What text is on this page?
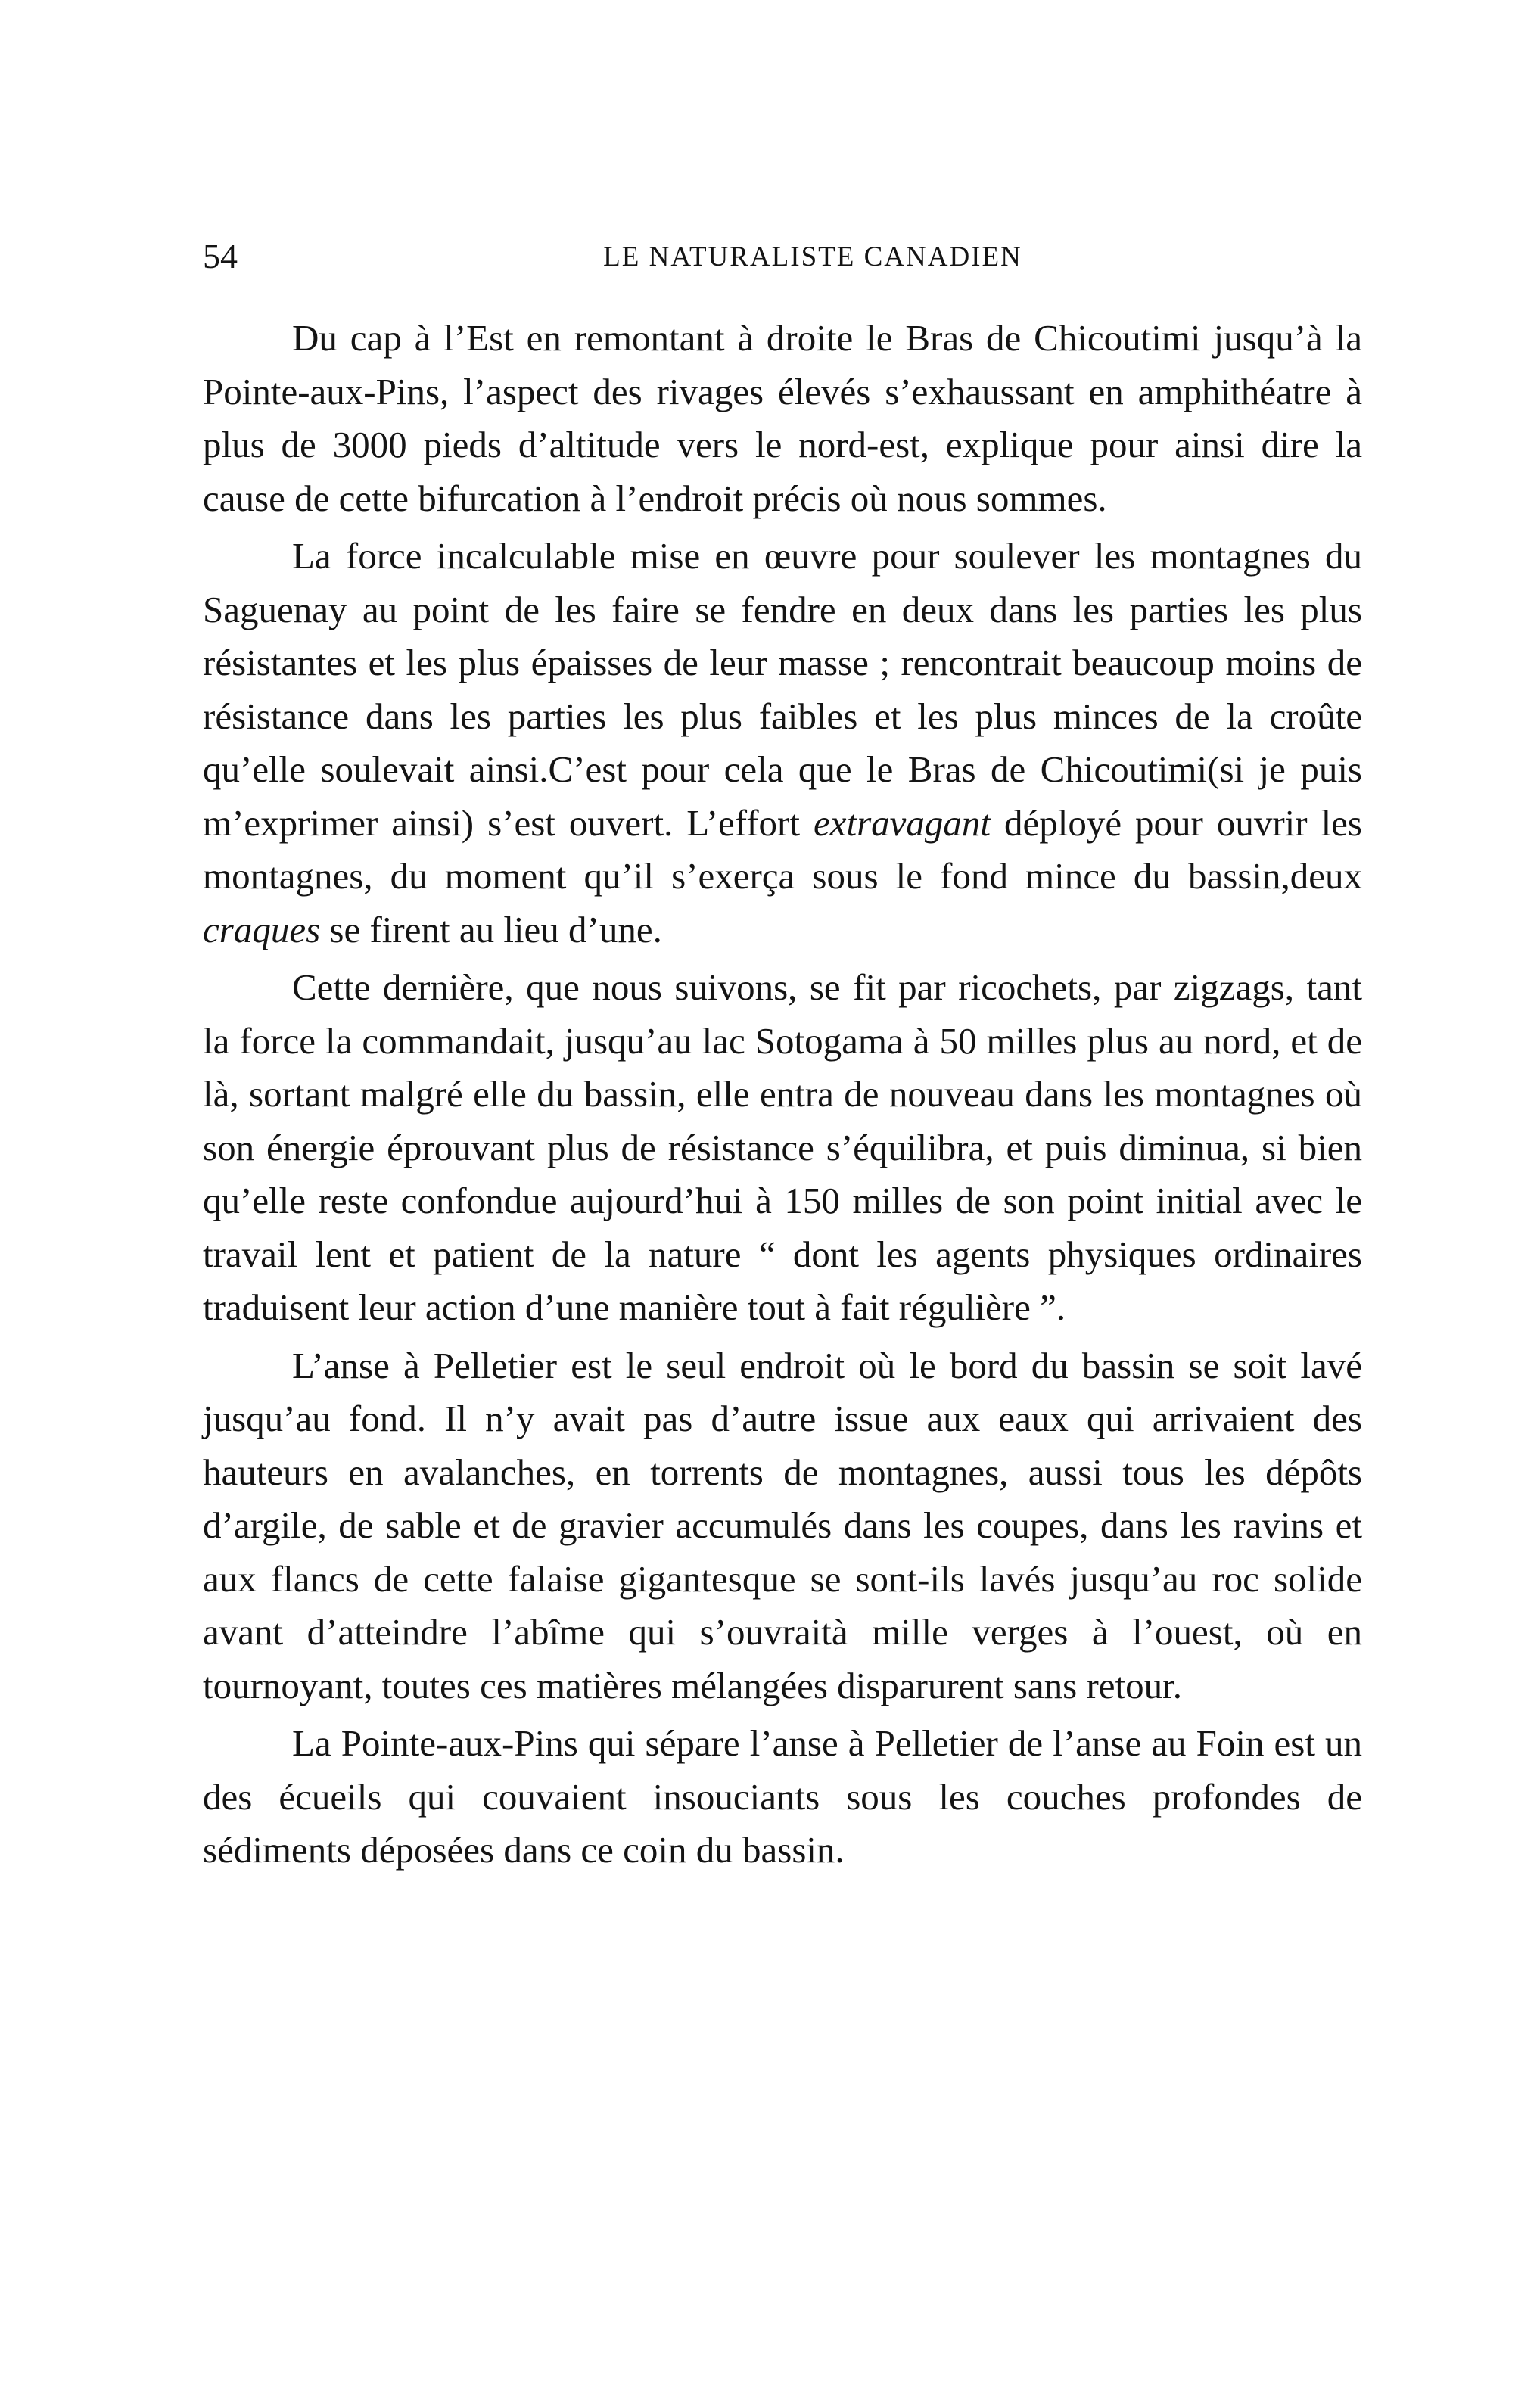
54	LE NATURALISTE CANADIEN

Du cap à l’Est en remontant à droite le Bras de Chicoutimi jusqu’à la Pointe-aux-Pins, l’aspect des rivages élevés s’exhaussant en amphithéatre à plus de 3000 pieds d’altitude vers le nord-est, explique pour ainsi dire la cause de cette bifurcation à l’endroit précis où nous sommes.

La force incalculable mise en œuvre pour soulever les montagnes du Saguenay au point de les faire se fendre en deux dans les parties les plus résistantes et les plus épaisses de leur masse ; rencontrait beaucoup moins de résistance dans les parties les plus faibles et les plus minces de la croûte qu’elle soulevait ainsi.C’est pour cela que le Bras de Chicoutimi(si je puis m’exprimer ainsi) s’est ouvert. L’effort extravagant déployé pour ouvrir les montagnes, du moment qu’il s’exerça sous le fond mince du bassin,deux craques se firent au lieu d’une.

Cette dernière, que nous suivons, se fit par ricochets, par zigzags, tant la force la commandait, jusqu’au lac Sotogama à 50 milles plus au nord, et de là, sortant malgré elle du bassin, elle entra de nouveau dans les montagnes où son énergie éprouvant plus de résistance s’équilibra, et puis diminua, si bien qu’elle reste confondue aujourd’hui à 150 milles de son point initial avec le travail lent et patient de la nature “ dont les agents physiques ordinaires traduisent leur action d’une manière tout à fait régulière ”.

L’anse à Pelletier est le seul endroit où le bord du bassin se soit lavé jusqu’au fond. Il n’y avait pas d’autre issue aux eaux qui arrivaient des hauteurs en avalanches, en torrents de montagnes, aussi tous les dépôts d’argile, de sable et de gravier accumulés dans les coupes, dans les ravins et aux flancs de cette falaise gigantesque se sont-ils lavés jusqu’au roc solide avant d’atteindre l’abîme qui s’ouvraità mille verges à l’ouest, où en tournoyant, toutes ces matières mélangées disparurent sans retour.

La Pointe-aux-Pins qui sépare l’anse à Pelletier de l’anse au Foin est un des écueils qui couvaient insouciants sous les couches profondes de sédiments déposées dans ce coin du bassin.
